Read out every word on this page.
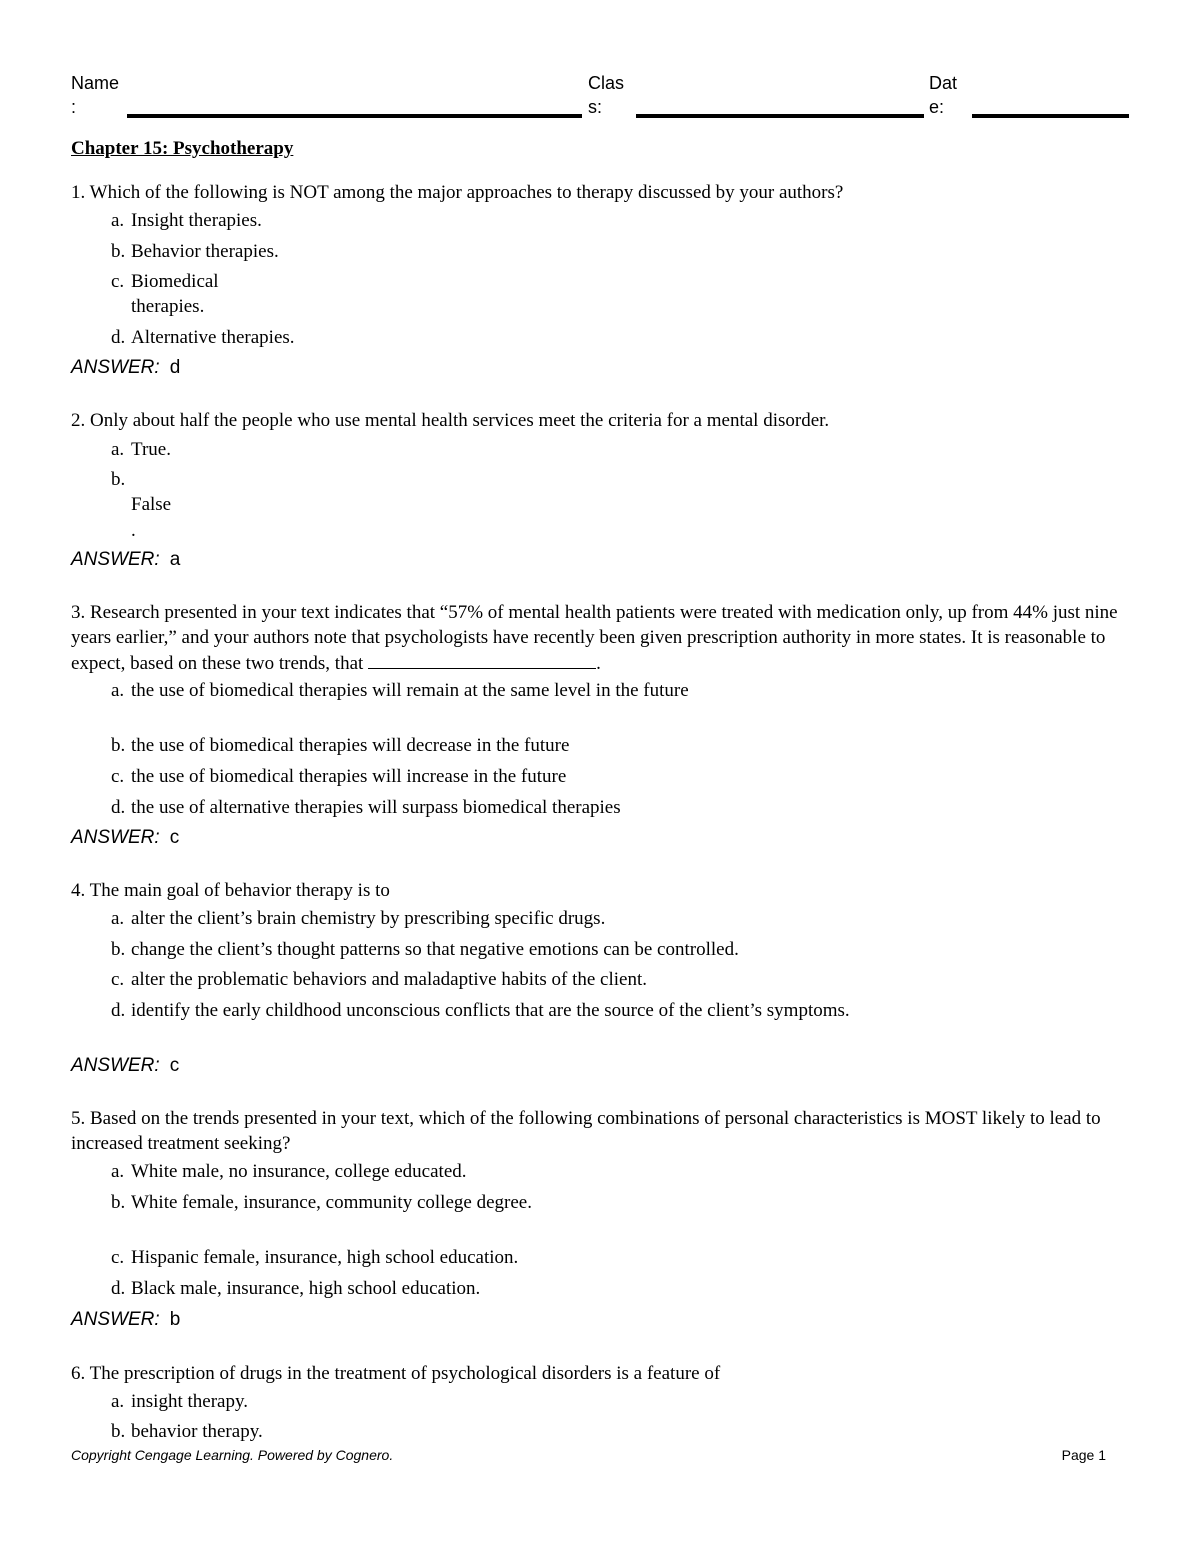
Name
:
Clas
s:
Dat
e:
Chapter 15: Psychotherapy
1. Which of the following is NOT among the major approaches to therapy discussed by your authors?
a. Insight therapies.
b. Behavior therapies.
c. Biomedical therapies.
d. Alternative therapies.
ANSWER: d
2. Only about half the people who use mental health services meet the criteria for a mental disorder.
a. True.
b.
False
.
ANSWER: a
3. Research presented in your text indicates that “57% of mental health patients were treated with medication only, up from 44% just nine years earlier,” and your authors note that psychologists have recently been given prescription authority in more states. It is reasonable to expect, based on these two trends, that	.
a. the use of biomedical therapies will remain at the same level in the future
b. the use of biomedical therapies will decrease in the future
c. the use of biomedical therapies will increase in the future
d. the use of alternative therapies will surpass biomedical therapies
ANSWER: c
4. The main goal of behavior therapy is to
a. alter the client’s brain chemistry by prescribing specific drugs.
b. change the client’s thought patterns so that negative emotions can be controlled.
c. alter the problematic behaviors and maladaptive habits of the client.
d. identify the early childhood unconscious conflicts that are the source of the client’s symptoms.
ANSWER: c
5. Based on the trends presented in your text, which of the following combinations of personal characteristics is MOST likely to lead to increased treatment seeking?
a. White male, no insurance, college educated.
b. White female, insurance, community college degree.
c. Hispanic female, insurance, high school education.
d. Black male, insurance, high school education.
ANSWER: b
6. The prescription of drugs in the treatment of psychological disorders is a feature of
a. insight therapy.
b. behavior therapy.
Copyright Cengage Learning. Powered by Cognero.	Page 1
